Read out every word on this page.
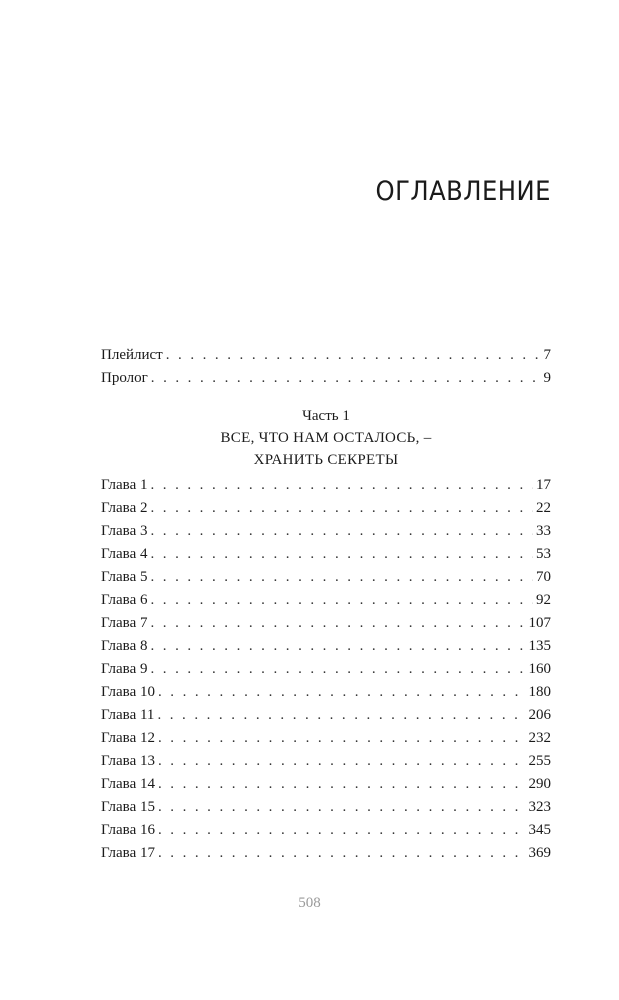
ОГЛАВЛЕНИЕ
Плейлист . . .	7
Пролог . . .	9
Часть 1
ВСЕ, ЧТО НАМ ОСТАЛОСЬ, –
ХРАНИТЬ СЕКРЕТЫ
Глава 1 . . .	17
Глава 2 . . .	22
Глава 3 . . .	33
Глава 4 . . .	53
Глава 5 . . .	70
Глава 6 . . .	92
Глава 7 . . .	107
Глава 8 . . .	135
Глава 9 . . .	160
Глава 10 . . .	180
Глава 11 . . .	206
Глава 12 . . .	232
Глава 13 . . .	255
Глава 14 . . .	290
Глава 15 . . .	323
Глава 16 . . .	345
Глава 17 . . .	369
508
